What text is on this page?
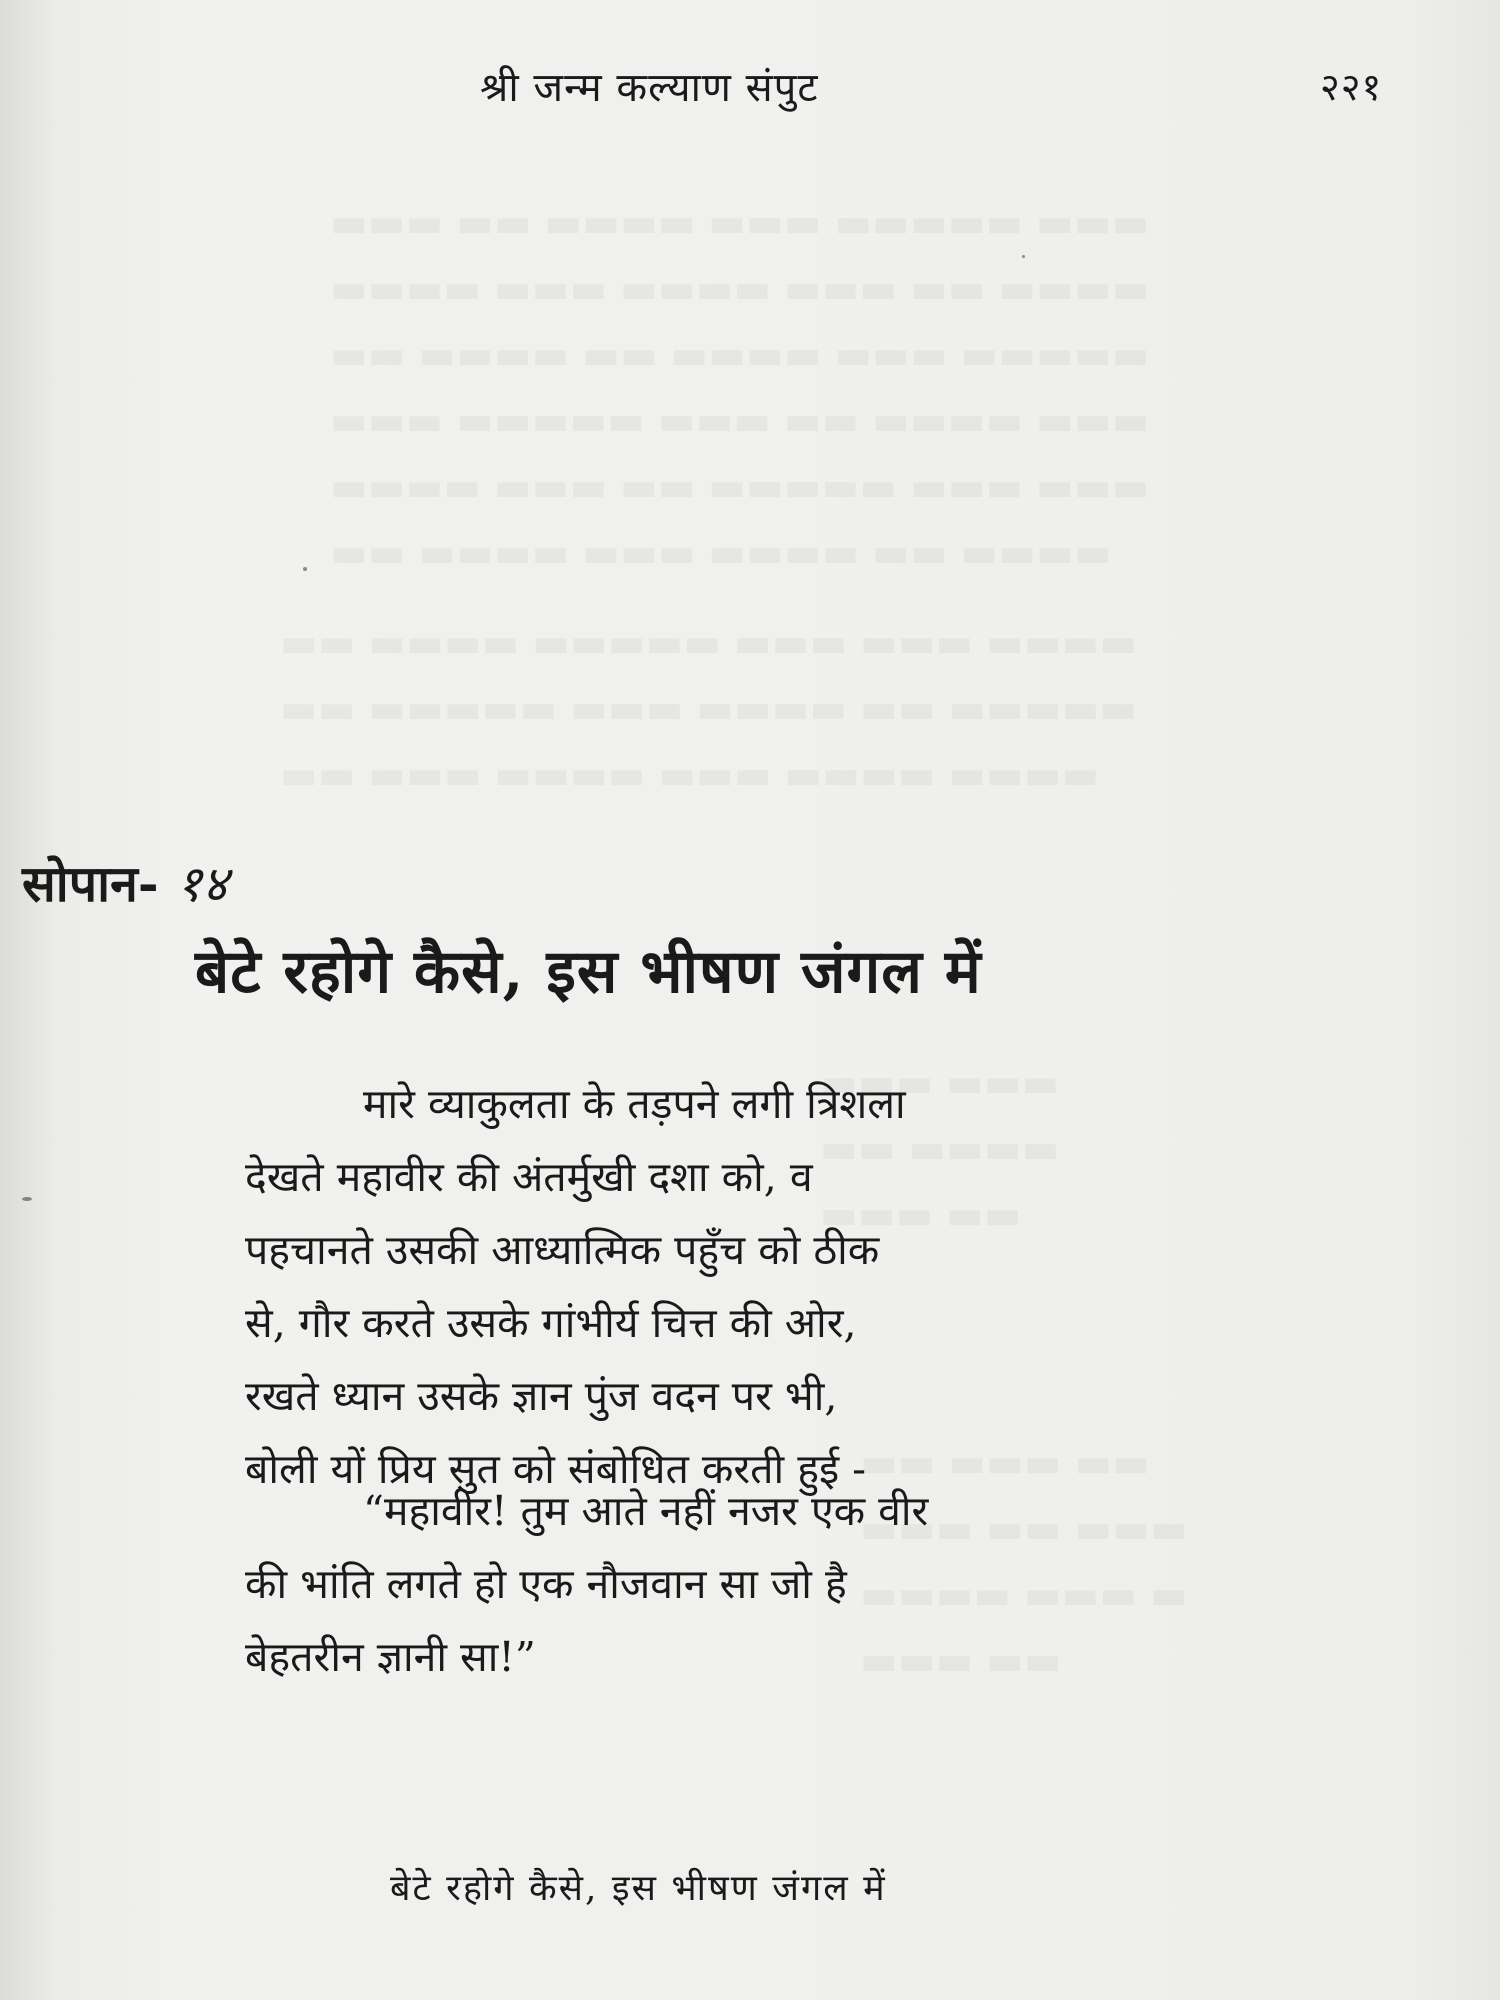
श्री जन्म कल्याण संपुट	२२१
सोपान- १४
बेटे रहोगे कैसे, इस भीषण जंगल में
मारे व्याकुलता के तड़पने लगी त्रिशला
देखते महावीर की अंतर्मुखी दशा को, व
पहचानते उसकी आध्यात्मिक पहुँच को ठीक
से, गौर करते उसके गांभीर्य चित्त की ओर,
रखते ध्यान उसके ज्ञान पुंज वदन पर भी,
बोली यों प्रिय सुत को संबोधित करती हुई -
“महावीर! तुम आते नहीं नजर एक वीर
की भांति लगते हो एक नौजवान सा जो है
बेहतरीन ज्ञानी सा!”
बेटे रहोगे कैसे, इस भीषण जंगल में
